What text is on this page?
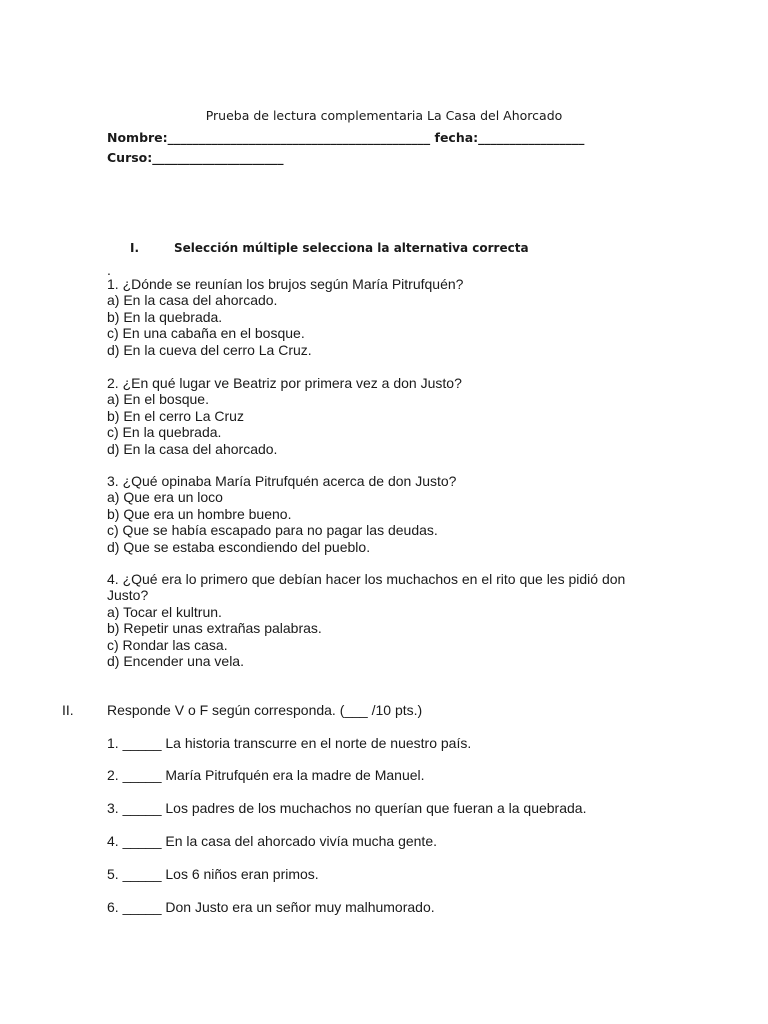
Prueba de lectura complementaria La Casa del Ahorcado
Nombre:__________________________________________ fecha:_________________
Curso:_____________________
I.	Selección múltiple selecciona la alternativa correcta
.
1. ¿Dónde se reunían los brujos según María Pitrufquén?
a) En la casa del ahorcado.
b) En la quebrada.
c) En una cabaña en el bosque.
d) En la cueva del cerro La Cruz.
2. ¿En qué lugar ve Beatriz por primera vez a don Justo?
a) En el bosque.
b) En el cerro La Cruz
c) En la quebrada.
d) En la casa del ahorcado.
3. ¿Qué opinaba María Pitrufquén acerca de don Justo?
a) Que era un loco
b) Que era un hombre bueno.
c) Que se había escapado para no pagar las deudas.
d) Que se estaba escondiendo del pueblo.
4. ¿Qué era lo primero que debían hacer los muchachos en el rito que les pidió don Justo?
a) Tocar el kultrun.
b) Repetir unas extrañas palabras.
c) Rondar las casa.
d) Encender una vela.
II. Responde V o F según corresponda. (___ /10 pts.)
1. _____ La historia transcurre en el norte de nuestro país.
2. _____ María Pitrufquén era la madre de Manuel.
3. _____ Los padres de los muchachos no querían que fueran a la quebrada.
4. _____ En la casa del ahorcado vivía mucha gente.
5. _____ Los 6 niños eran primos.
6. _____ Don Justo era un señor muy malhumorado.
